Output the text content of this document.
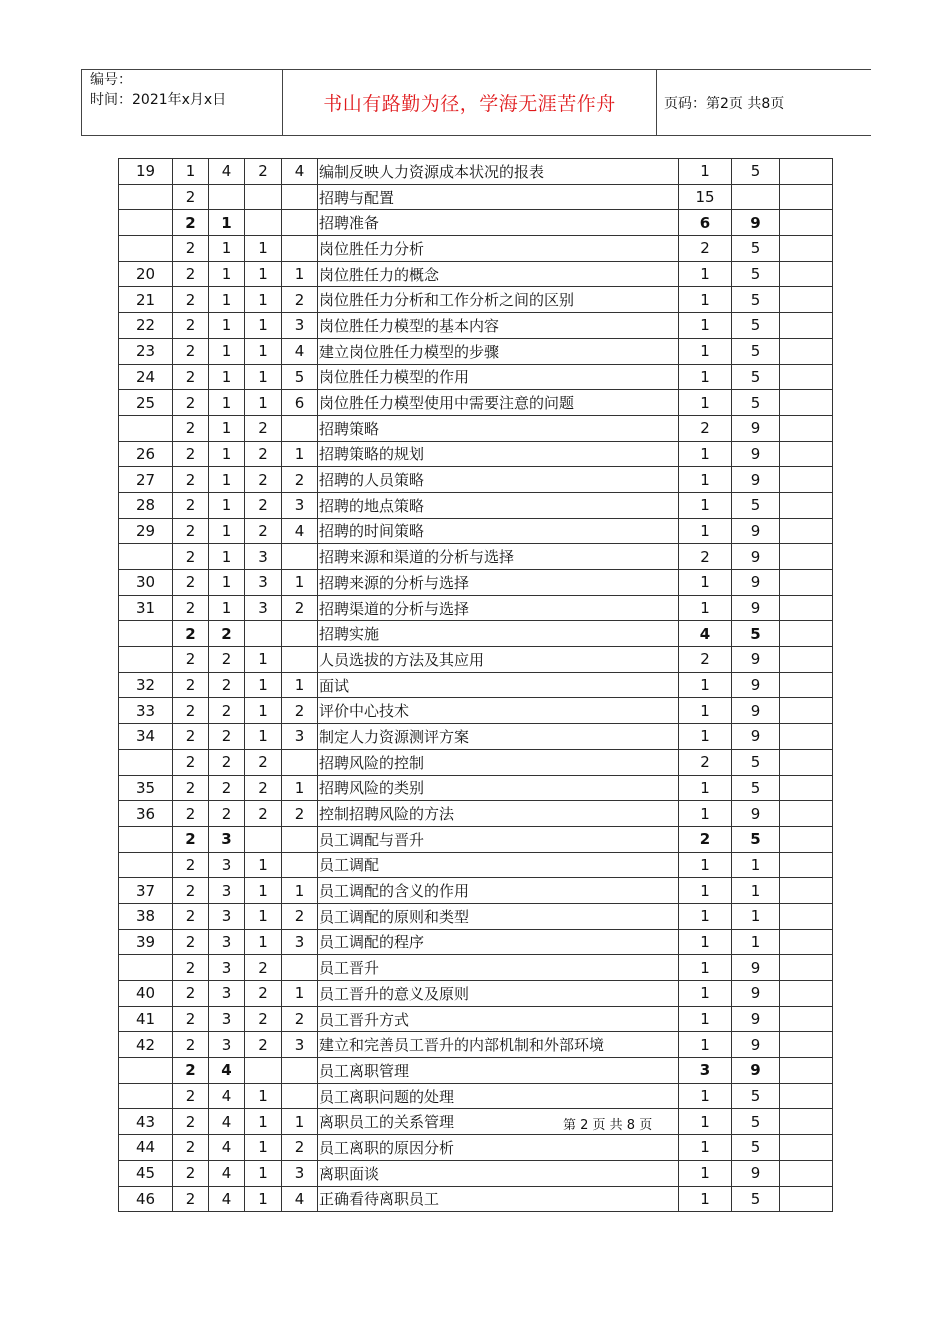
编号：
时间：2021年x月x日	书山有路勤为径，学海无涯苦作舟	页码：第2页 共8页
19	1	4	2	4	编制反映人力资源成本状况的报表	1	5	
	2				招聘与配置	15		
	2	1			招聘准备	6	9	
	2	1	1		岗位胜任力分析	2	5	
20	2	1	1	1	岗位胜任力的概念	1	5	
21	2	1	1	2	岗位胜任力分析和工作分析之间的区别	1	5	
22	2	1	1	3	岗位胜任力模型的基本内容	1	5	
23	2	1	1	4	建立岗位胜任力模型的步骤	1	5	
24	2	1	1	5	岗位胜任力模型的作用	1	5	
25	2	1	1	6	岗位胜任力模型使用中需要注意的问题	1	5	
	2	1	2		招聘策略	2	9	
26	2	1	2	1	招聘策略的规划	1	9	
27	2	1	2	2	招聘的人员策略	1	9	
28	2	1	2	3	招聘的地点策略	1	5	
29	2	1	2	4	招聘的时间策略	1	9	
	2	1	3		招聘来源和渠道的分析与选择	2	9	
30	2	1	3	1	招聘来源的分析与选择	1	9	
31	2	1	3	2	招聘渠道的分析与选择	1	9	
	2	2			招聘实施	4	5	
	2	2	1		人员选拔的方法及其应用	2	9	
32	2	2	1	1	面试	1	9	
33	2	2	1	2	评价中心技术	1	9	
34	2	2	1	3	制定人力资源测评方案	1	9	
	2	2	2		招聘风险的控制	2	5	
35	2	2	2	1	招聘风险的类别	1	5	
36	2	2	2	2	控制招聘风险的方法	1	9	
	2	3			员工调配与晋升	2	5	
	2	3	1		员工调配	1	1	
37	2	3	1	1	员工调配的含义的作用	1	1	
38	2	3	1	2	员工调配的原则和类型	1	1	
39	2	3	1	3	员工调配的程序	1	1	
	2	3	2		员工晋升	1	9	
40	2	3	2	1	员工晋升的意义及原则	1	9	
41	2	3	2	2	员工晋升方式	1	9	
42	2	3	2	3	建立和完善员工晋升的内部机制和外部环境	1	9	
	2	4			员工离职管理	3	9	
	2	4	1		员工离职问题的处理	1	5	
43	2	4	1	1	离职员工的关系管理	1	5	
44	2	4	1	2	员工离职的原因分析	1	5	
45	2	4	1	3	离职面谈	1	9	
46	2	4	1	4	正确看待离职员工	1	5	
第 2 页 共 8 页
